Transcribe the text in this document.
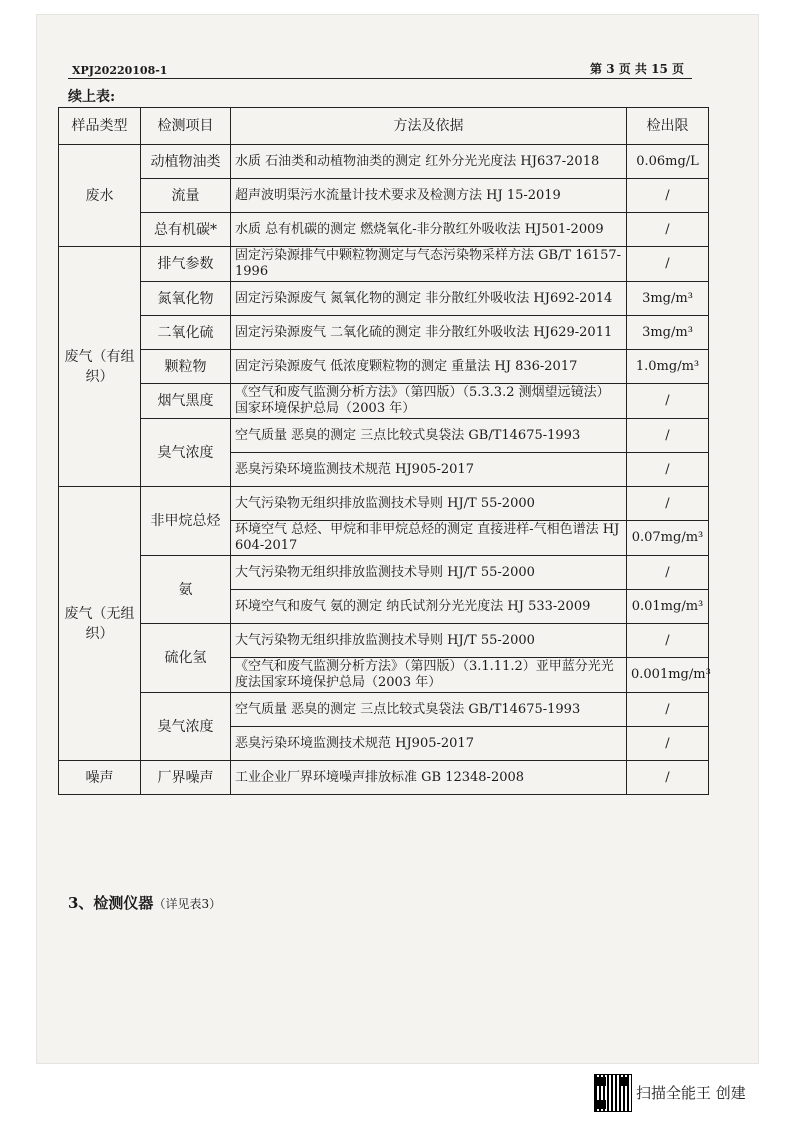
XPJ20220108-1	第 3 页 共 15 页
续上表:
样品类型	检测项目	方法及依据	检出限
废水	动植物油类	水质 石油类和动植物油类的测定 红外分光光度法 HJ637-2018	0.06mg/L
	流量	超声波明渠污水流量计技术要求及检测方法 HJ 15-2019	/
	总有机碳*	水质 总有机碳的测定 燃烧氧化-非分散红外吸收法 HJ501-2009	/
废气（有组织）	排气参数	固定污染源排气中颗粒物测定与气态污染物采样方法 GB/T 16157-1996	/
	氮氧化物	固定污染源废气 氮氧化物的测定 非分散红外吸收法 HJ692-2014	3mg/m³
	二氧化硫	固定污染源废气 二氧化硫的测定 非分散红外吸收法 HJ629-2011	3mg/m³
	颗粒物	固定污染源废气 低浓度颗粒物的测定 重量法 HJ 836-2017	1.0mg/m³
	烟气黑度	《空气和废气监测分析方法》（第四版）（5.3.3.2 测烟望远镜法）国家环境保护总局（2003 年）	/
	臭气浓度	空气质量 恶臭的测定 三点比较式臭袋法 GB/T14675-1993	/
		恶臭污染环境监测技术规范 HJ905-2017	/
废气（无组织）	非甲烷总烃	大气污染物无组织排放监测技术导则 HJ/T 55-2000	/
		环境空气 总烃、甲烷和非甲烷总烃的测定 直接进样-气相色谱法 HJ 604-2017	0.07mg/m³
	氨	大气污染物无组织排放监测技术导则 HJ/T 55-2000	/
		环境空气和废气 氨的测定 纳氏试剂分光光度法 HJ 533-2009	0.01mg/m³
	硫化氢	大气污染物无组织排放监测技术导则 HJ/T 55-2000	/
		《空气和废气监测分析方法》（第四版）（3.1.11.2）亚甲蓝分光光度法国家环境保护总局（2003 年）	0.001mg/m³
	臭气浓度	空气质量 恶臭的测定 三点比较式臭袋法 GB/T14675-1993	/
		恶臭污染环境监测技术规范 HJ905-2017	/
噪声	厂界噪声	工业企业厂界环境噪声排放标准 GB 12348-2008	/
3、检测仪器（详见表3）
扫描全能王 创建
